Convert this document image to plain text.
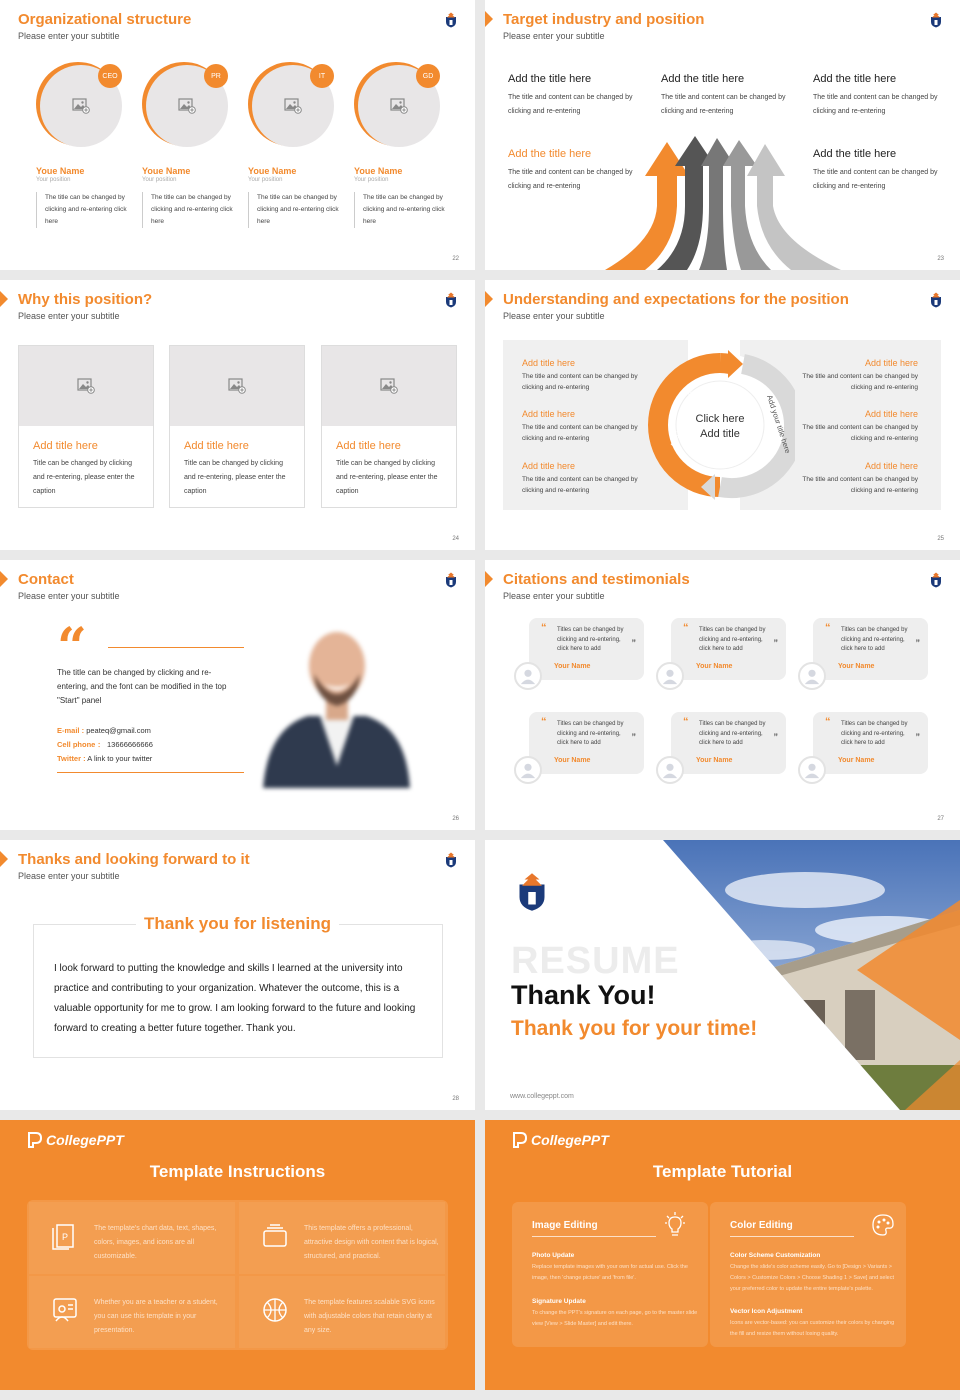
Organizational structure
Please enter your subtitle
CEO
Youe Name
Your position
The title can be changed by clicking and re-entering click here
PR
Youe Name
Your position
The title can be changed by clicking and re-entering click here
IT
Youe Name
Your position
The title can be changed by clicking and re-entering click here
GD
Youe Name
Your position
The title can be changed by clicking and re-entering click here
22
Target industry and position
Please enter your subtitle
Add the title here
The title and content can be changed by clicking and re-entering
Add the title here
The title and content can be changed by clicking and re-entering
Add the title here
The title and content can be changed by clicking and re-entering
Add the title here
The title and content can be changed by clicking and re-entering
Add the title here
The title and content can be changed by clicking and re-entering
23
Why this position?
Please enter your subtitle
Add title here
Title can be changed by clicking and re-entering, please enter the caption
Add title here
Title can be changed by clicking and re-entering, please enter the caption
Add title here
Title can be changed by clicking and re-entering, please enter the caption
24
Understanding and expectations for the position
Please enter your subtitle
Add title here
The title and content can be changed by clicking and re-entering
Add title here
The title and content can be changed by clicking and re-entering
Add title here
The title and content can be changed by clicking and re-entering
Add title here
The title and content can be changed by clicking and re-entering
Add title here
The title and content can be changed by clicking and re-entering
Add title here
The title and content can be changed by clicking and re-entering
Click here
Add title
Add your title here	Add your title here
25
Contact
Please enter your subtitle
“
The title can be changed by clicking and re-entering, and the font can be modified in the top "Start" panel
E-mail : peateq@gmail.com
Cell phone ： 13666666666
Twitter : A link to your twitter
26
Citations and testimonials
Please enter your subtitle
“ Titles can be changed by clicking and re-entering, click here to add
”
Your Name
“ Titles can be changed by clicking and re-entering, click here to add
”
Your Name
“ Titles can be changed by clicking and re-entering, click here to add
”
Your Name
“ Titles can be changed by clicking and re-entering, click here to add
”
Your Name
“ Titles can be changed by clicking and re-entering, click here to add
”
Your Name
“ Titles can be changed by clicking and re-entering, click here to add
”
Your Name
27
Thanks and looking forward to it
Please enter your subtitle
I look forward to putting the knowledge and skills I learned at the university into practice and contributing to your organization. Whatever the outcome, this is a valuable opportunity for me to grow. I am looking forward to the future and looking forward to creating a better future together. Thank you.
Thank you for listening
28
RESUME
Thank You!
Thank you for your time!
www.collegeppt.com
CollegePPT
Template Instructions
P
The template's chart data, text, shapes, colors, images, and icons are all customizable.
This template offers a professional, attractive design with content that is logical, structured, and practical.
Whether you are a teacher or a student, you can use this template in your presentation.
The template features scalable SVG icons with adjustable colors that retain clarity at any size.
CollegePPT
Template Tutorial
Image Editing
Photo Update
Replace template images with your own for actual use. Click the image, then 'change picture' and 'from file'.
Signature Update
To change the PPT's signature on each page, go to the master slide view [View > Slide Master] and edit there.
Color Editing
Color Scheme Customization
Change the slide's color scheme easily. Go to [Design > Variants > Colors > Customize Colors > Choose Shading 1 > Save] and select your preferred color to update the entire template's palette.
Vector Icon Adjustment
Icons are vector-based: you can customize their colors by changing the fill and resize them without losing quality.
